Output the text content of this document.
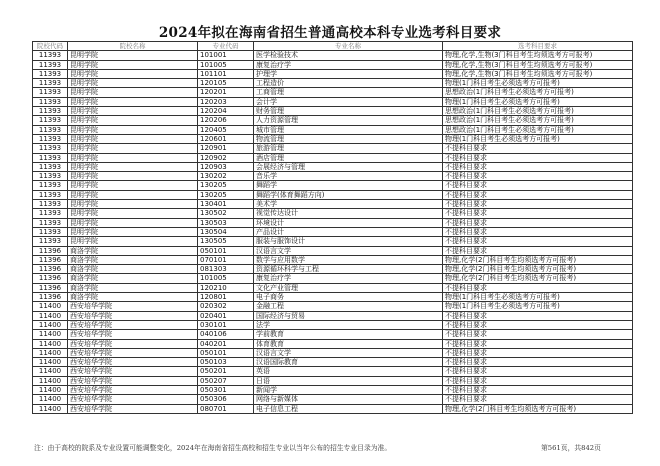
2024年拟在海南省招生普通高校本科专业选考科目要求
院校代码	院校名称	专业代码	专业名称	选考科目要求
11393	昆明学院	101001	医学检验技术	物理,化学,生物(3门科目考生均须选考方可报考)
11393	昆明学院	101005	康复治疗学	物理,化学,生物(3门科目考生均须选考方可报考)
11393	昆明学院	101101	护理学	物理,化学,生物(3门科目考生均须选考方可报考)
11393	昆明学院	120105	工程造价	物理(1门科目考生必须选考方可报考)
11393	昆明学院	120201	工商管理	思想政治(1门科目考生必须选考方可报考)
11393	昆明学院	120203	会计学	物理(1门科目考生必须选考方可报考)
11393	昆明学院	120204	财务管理	思想政治(1门科目考生必须选考方可报考)
11393	昆明学院	120206	人力资源管理	思想政治(1门科目考生必须选考方可报考)
11393	昆明学院	120405	城市管理	思想政治(1门科目考生必须选考方可报考)
11393	昆明学院	120601	物流管理	物理(1门科目考生必须选考方可报考)
11393	昆明学院	120901	旅游管理	不提科目要求
11393	昆明学院	120902	酒店管理	不提科目要求
11393	昆明学院	120903	会展经济与管理	不提科目要求
11393	昆明学院	130202	音乐学	不提科目要求
11393	昆明学院	130205	舞蹈学	不提科目要求
11393	昆明学院	130205	舞蹈学(体育舞蹈方向)	不提科目要求
11393	昆明学院	130401	美术学	不提科目要求
11393	昆明学院	130502	视觉传达设计	不提科目要求
11393	昆明学院	130503	环境设计	不提科目要求
11393	昆明学院	130504	产品设计	不提科目要求
11393	昆明学院	130505	服装与服饰设计	不提科目要求
11396	商洛学院	050101	汉语言文学	不提科目要求
11396	商洛学院	070101	数学与应用数学	物理,化学(2门科目考生均须选考方可报考)
11396	商洛学院	081303	资源循环科学与工程	物理,化学(2门科目考生均须选考方可报考)
11396	商洛学院	101005	康复治疗学	物理,化学(2门科目考生均须选考方可报考)
11396	商洛学院	120210	文化产业管理	不提科目要求
11396	商洛学院	120801	电子商务	物理(1门科目考生必须选考方可报考)
11400	西安培华学院	020302	金融工程	物理(1门科目考生必须选考方可报考)
11400	西安培华学院	020401	国际经济与贸易	不提科目要求
11400	西安培华学院	030101	法学	不提科目要求
11400	西安培华学院	040106	学前教育	不提科目要求
11400	西安培华学院	040201	体育教育	不提科目要求
11400	西安培华学院	050101	汉语言文学	不提科目要求
11400	西安培华学院	050103	汉语国际教育	不提科目要求
11400	西安培华学院	050201	英语	不提科目要求
11400	西安培华学院	050207	日语	不提科目要求
11400	西安培华学院	050301	新闻学	不提科目要求
11400	西安培华学院	050306	网络与新媒体	不提科目要求
11400	西安培华学院	080701	电子信息工程	物理,化学(2门科目考生均须选考方可报考)
注：由于高校的院系及专业设置可能调整变化，2024年在海南省招生高校和招生专业以当年公布的招生专业目录为准。	第561页，共842页
